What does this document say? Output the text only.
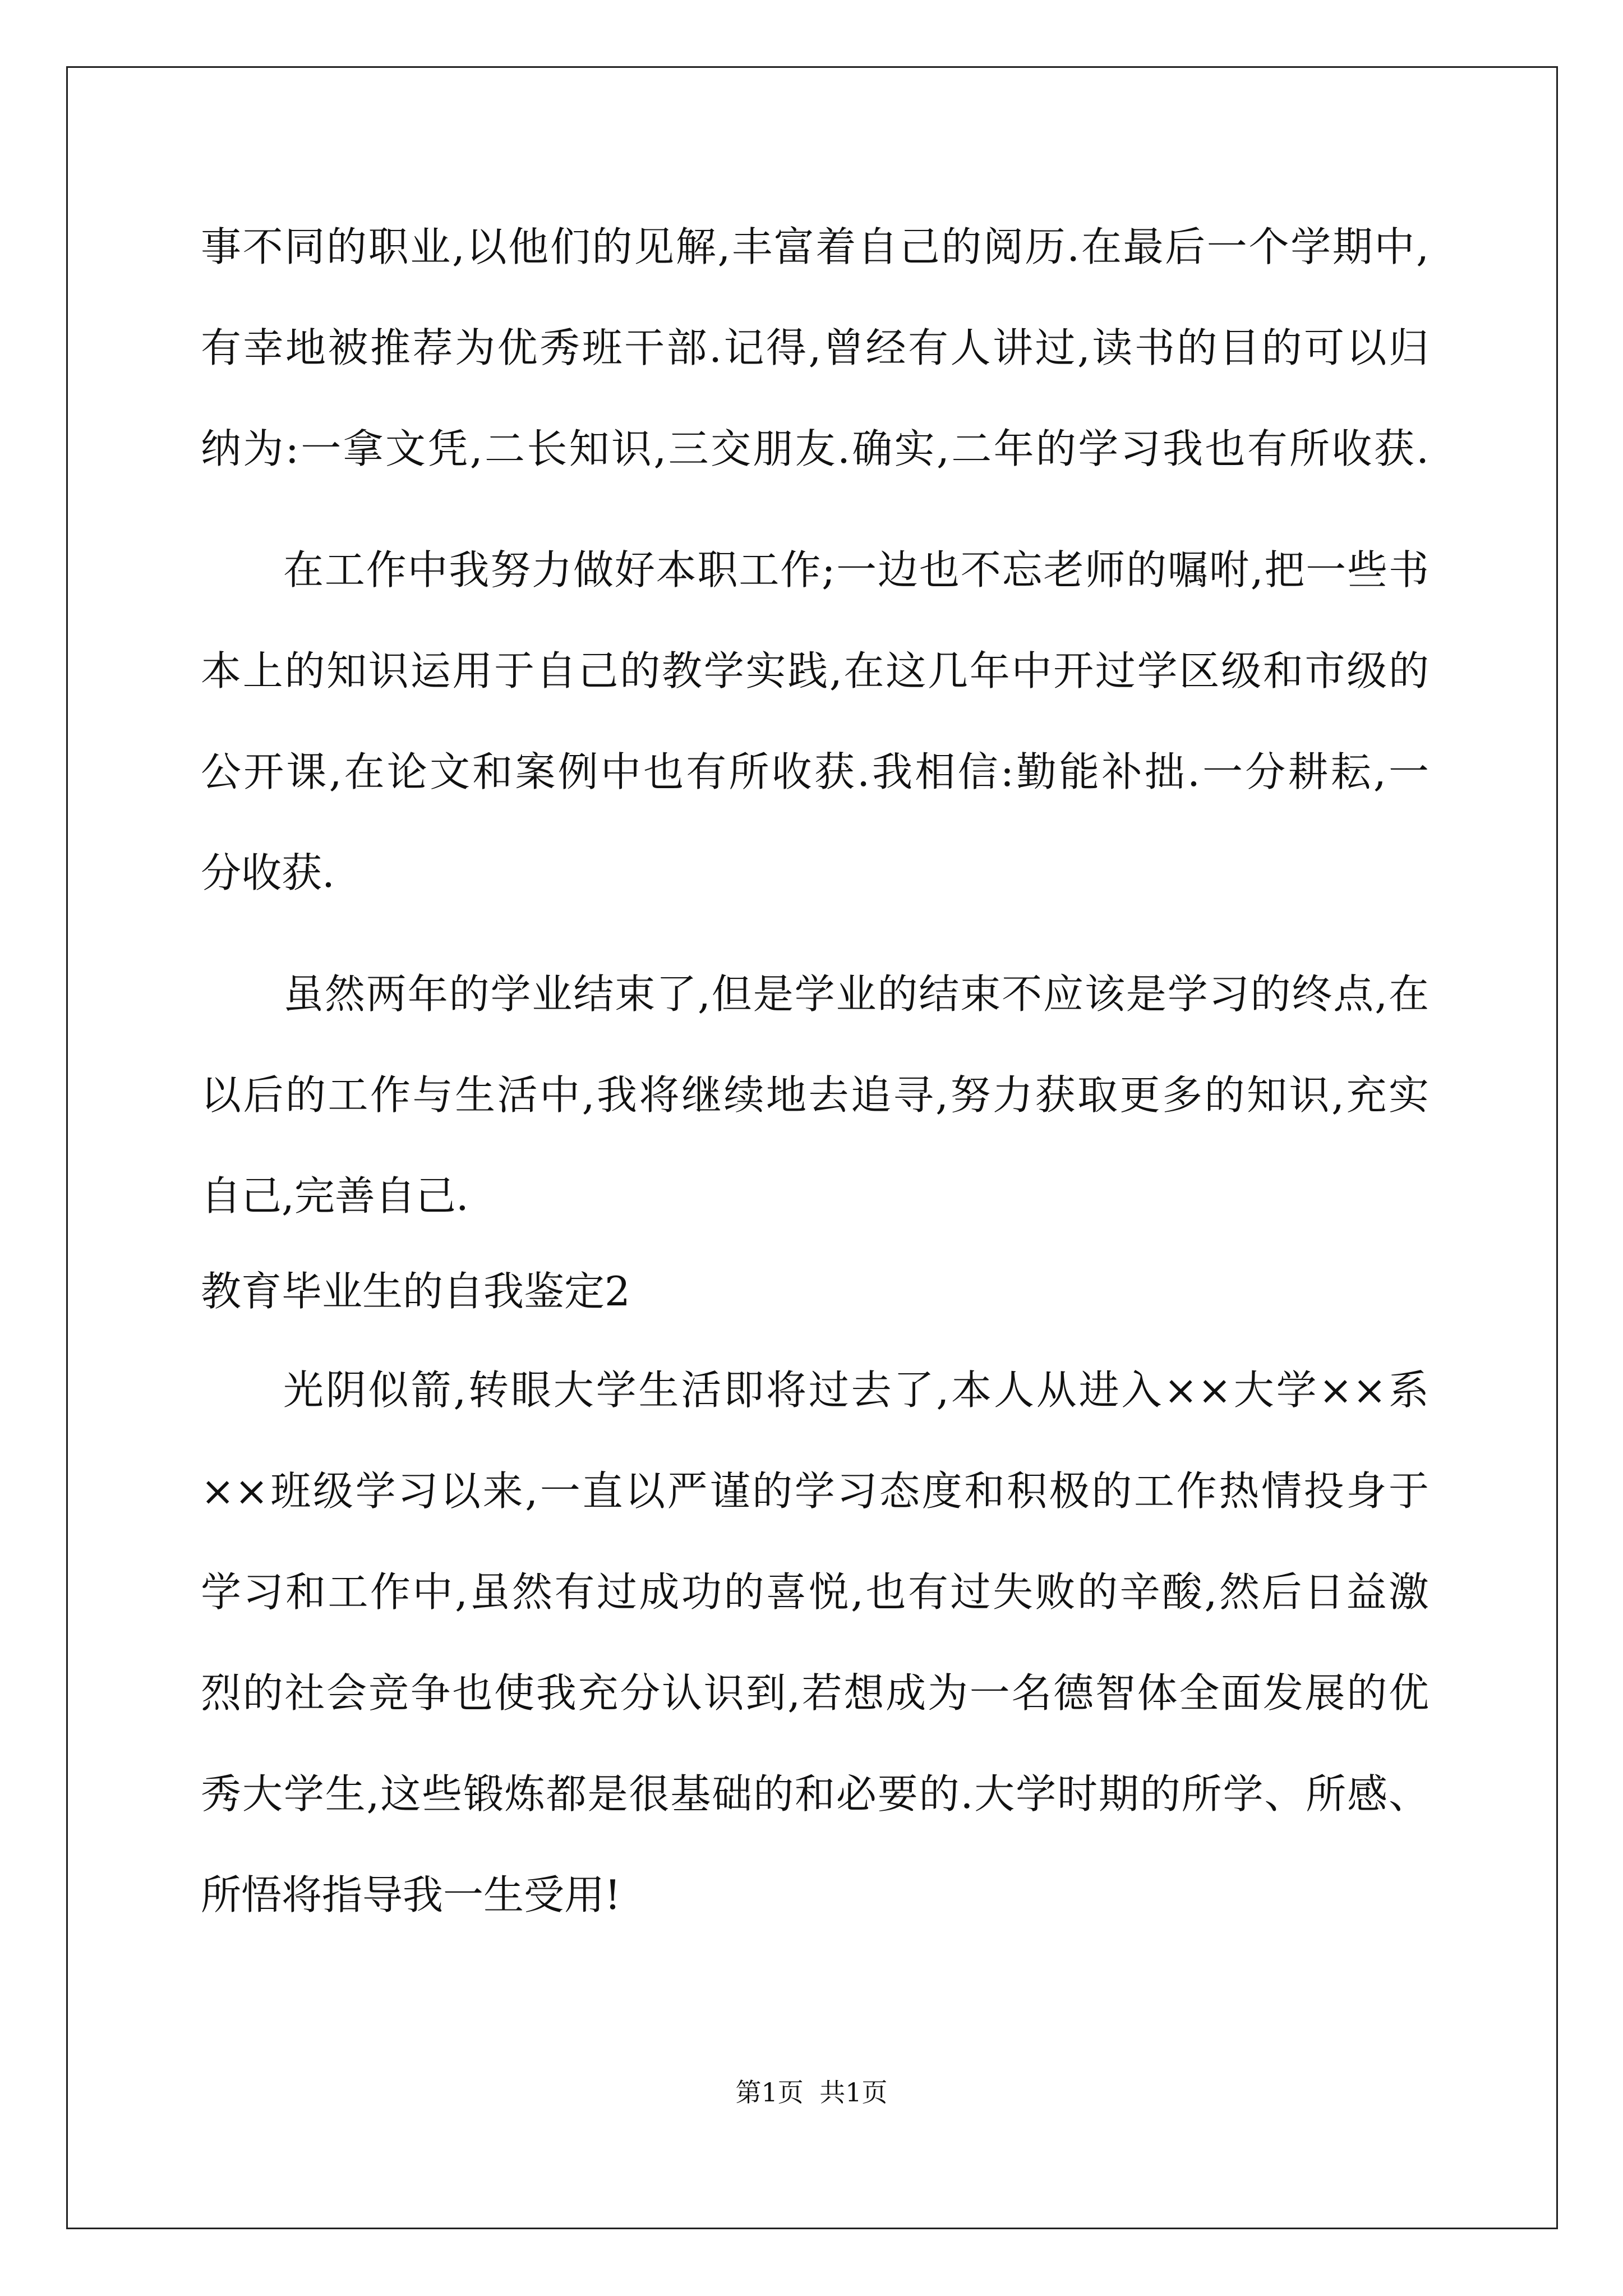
事不同的职业,以他们的见解,丰富着自己的阅历.在最后一个学期中,
有幸地被推荐为优秀班干部.记得,曾经有人讲过,读书的目的可以归
纳为:一拿文凭,二长知识,三交朋友.确实,二年的学习我也有所收获.
在工作中我努力做好本职工作;一边也不忘老师的嘱咐,把一些书
本上的知识运用于自己的教学实践,在这几年中开过学区级和市级的
公开课,在论文和案例中也有所收获.我相信:勤能补拙.一分耕耘,一
分收获.
虽然两年的学业结束了,但是学业的结束不应该是学习的终点,在
以后的工作与生活中,我将继续地去追寻,努力获取更多的知识,充实
自己,完善自己.
教育毕业生的自我鉴定2
光阴似箭,转眼大学生活即将过去了,本人从进入××大学××系
××班级学习以来,一直以严谨的学习态度和积极的工作热情投身于
学习和工作中,虽然有过成功的喜悦,也有过失败的辛酸,然后日益激
烈的社会竞争也使我充分认识到,若想成为一名德智体全面发展的优
秀大学生,这些锻炼都是很基础的和必要的.大学时期的所学、所感、
所悟将指导我一生受用!
第1页 共1页
